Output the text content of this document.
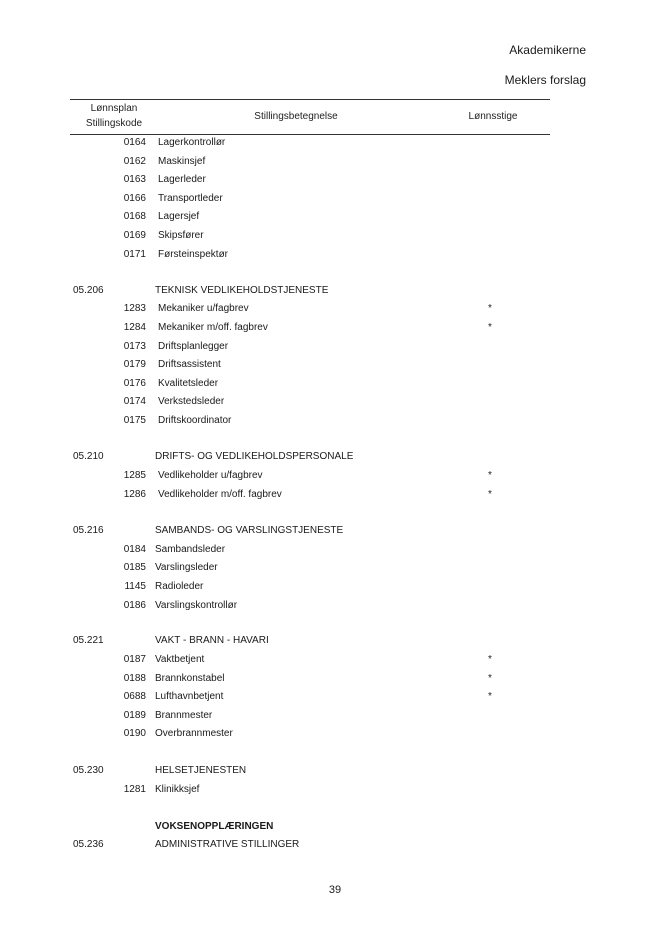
Akademikerne
Meklers forslag
Lønnsplan
Stillingskode
Stillingsbetegnelse	Lønnsstige
0164 Lagerkontrollør
0162 Maskinsjef
0163 Lagerleder
0166 Transportleder
0168 Lagersjef
0169 Skipsfører
0171 Førsteinspektør
05.206	TEKNISK VEDLIKEHOLDSTJENESTE
1283 Mekaniker u/fagbrev	*
1284 Mekaniker m/off. fagbrev	*
0173 Driftsplanlegger
0179 Driftsassistent
0176 Kvalitetsleder
0174 Verkstedsleder
0175 Driftskoordinator
05.210	DRIFTS- OG VEDLIKEHOLDSPERSONALE
1285 Vedlikeholder u/fagbrev	*
1286 Vedlikeholder m/off. fagbrev	*
05.216	SAMBANDS- OG VARSLINGSTJENESTE
0184 Sambandsleder
0185 Varslingsleder
1145 Radioleder
0186 Varslingskontrollør
05.221	VAKT - BRANN - HAVARI
0187 Vaktbetjent	*
0188 Brannkonstabel	*
0688 Lufthavnbetjent	*
0189 Brannmester
0190 Overbrannmester
05.230	HELSETJENESTEN
1281 Klinikksjef
VOKSENOPPLÆRINGEN
05.236	ADMINISTRATIVE STILLINGER
39
